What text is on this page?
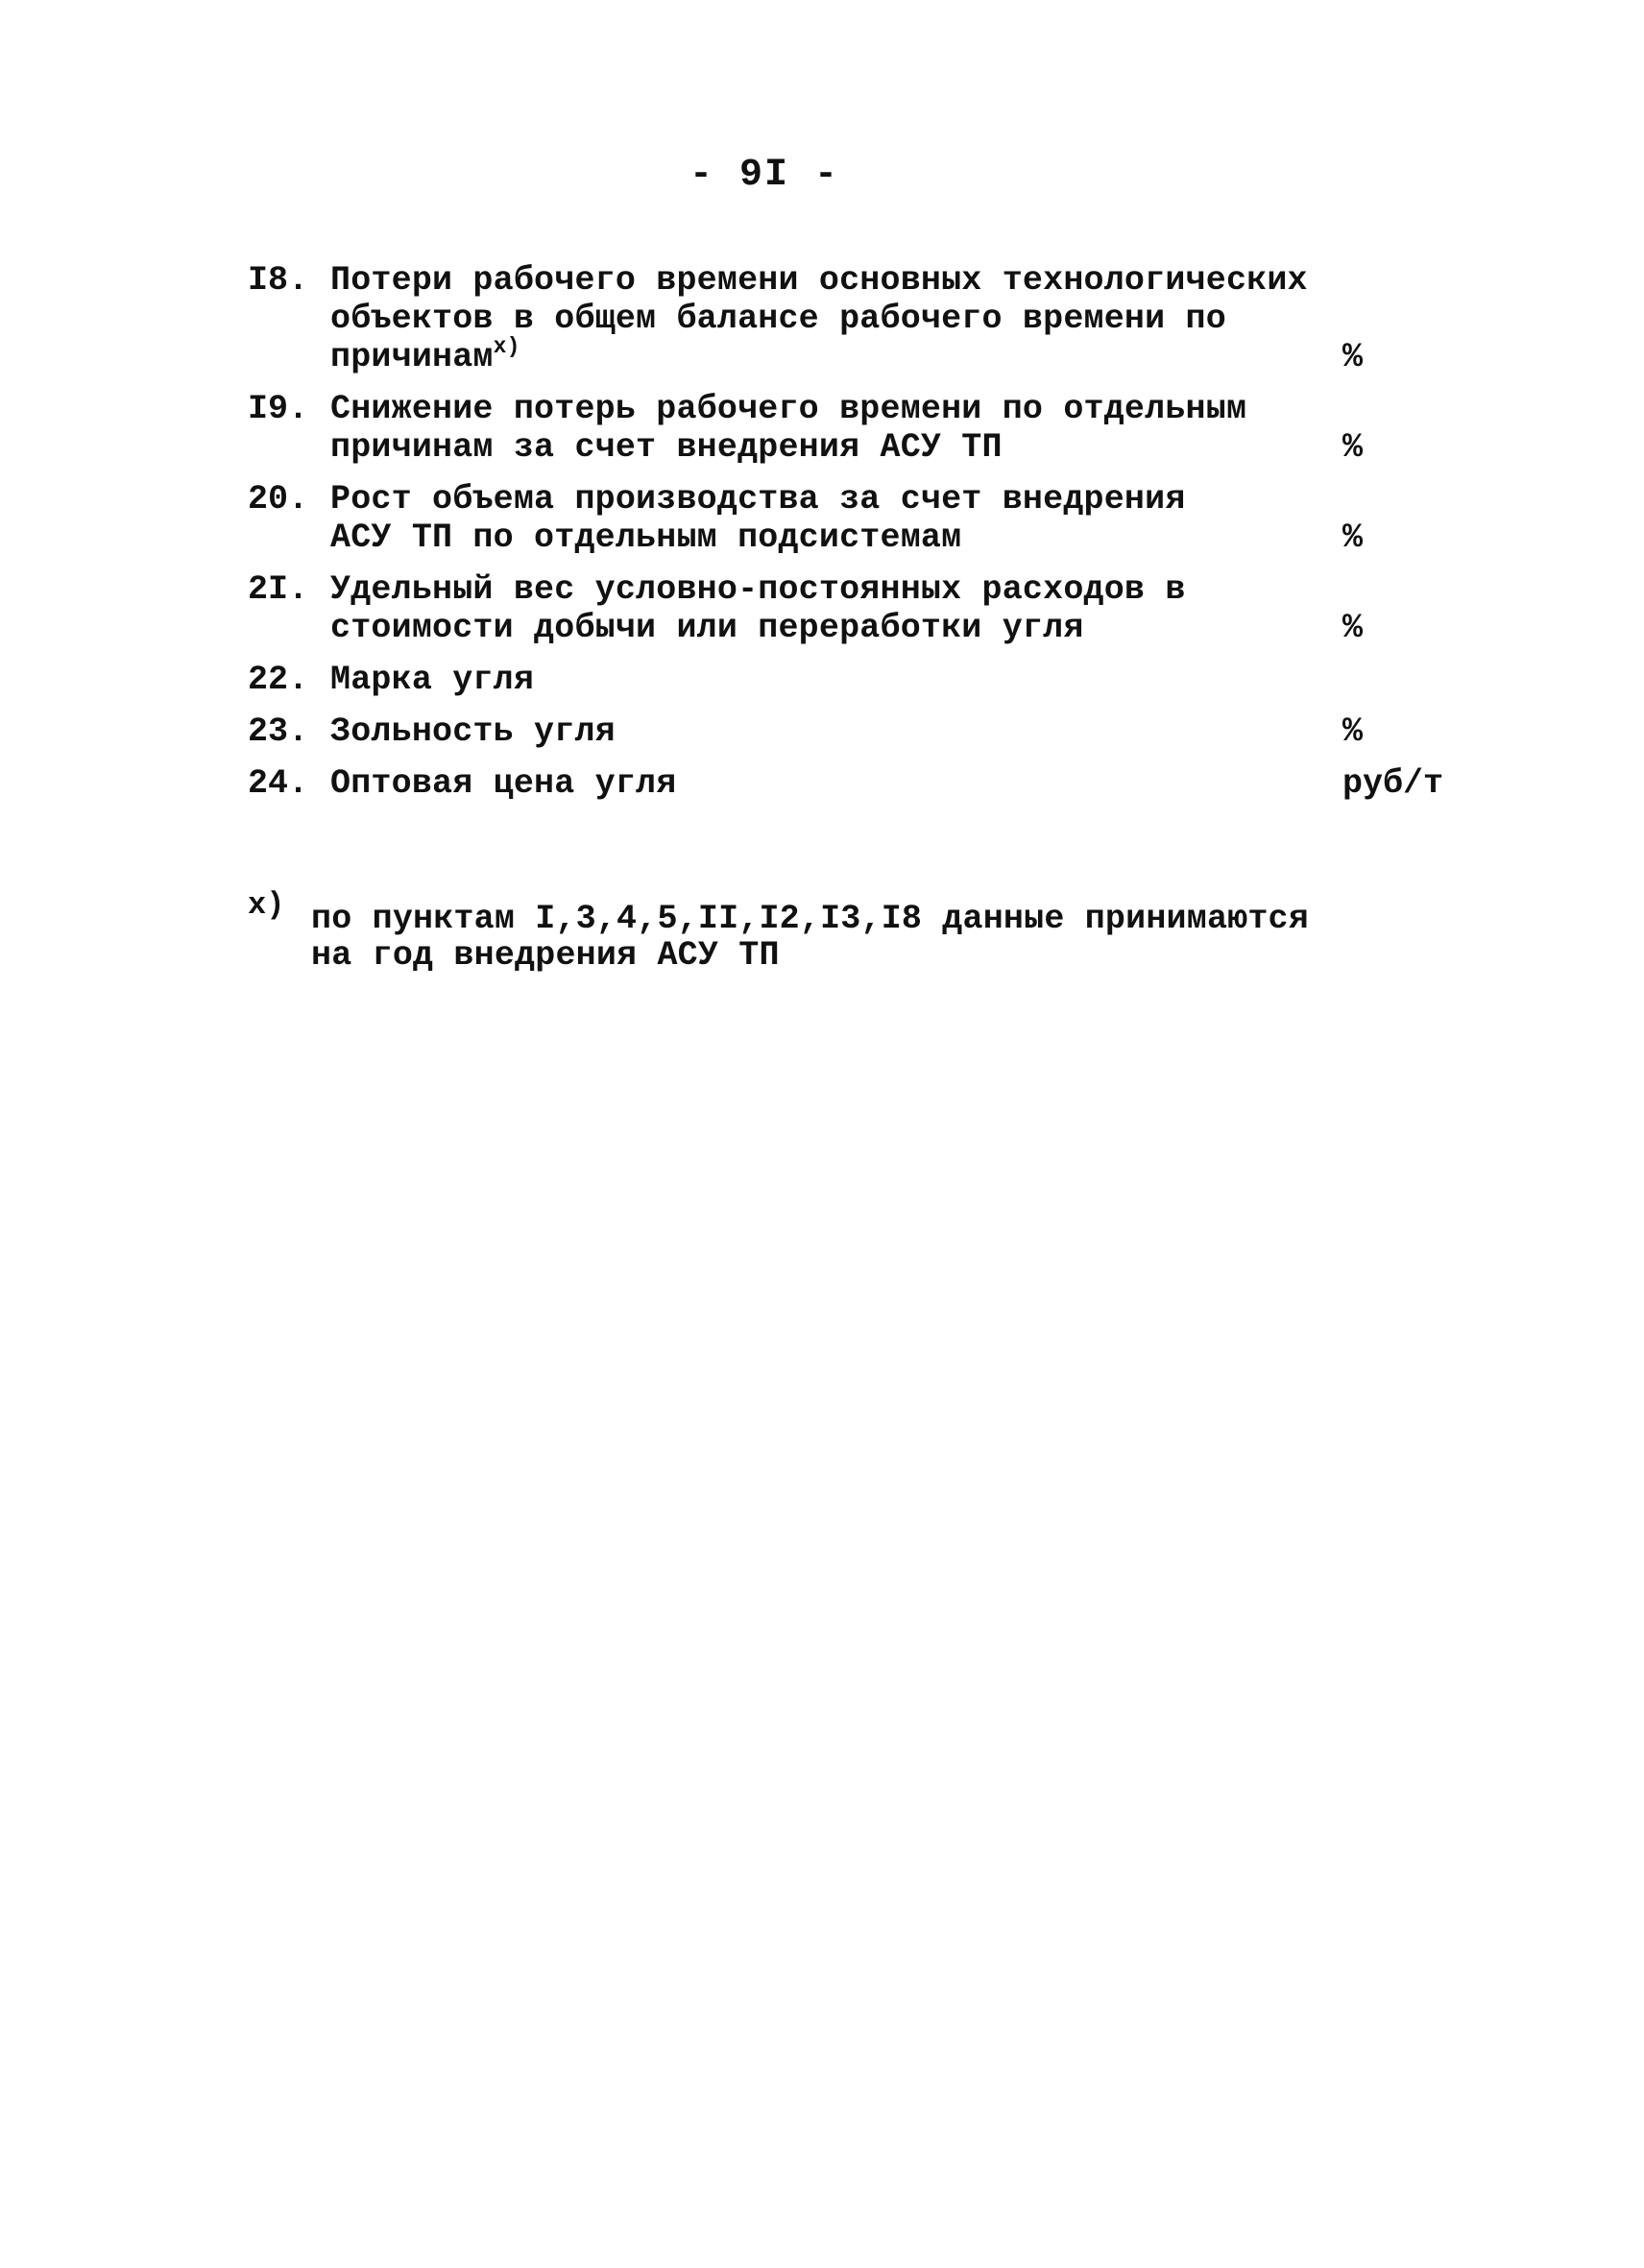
- 9I -
I8. Потери рабочего времени основных технологических
объектов в общем балансе рабочего времени по
причинам$^{х)}$	%
I9. Снижение потерь рабочего времени по отдельным
причинам за счет внедрения АСУ ТП	%
20. Рост объема производства за счет внедрения
АСУ ТП по отдельным подсистемам	%
2I. Удельный вес условно-постоянных расходов в
стоимости добычи или переработки угля	%
22. Марка угля
23. Зольность угля	%
24. Оптовая цена угля	руб/т
х) по пунктам I,3,4,5,II,I2,I3,I8 данные принимаются
на год внедрения АСУ ТП
